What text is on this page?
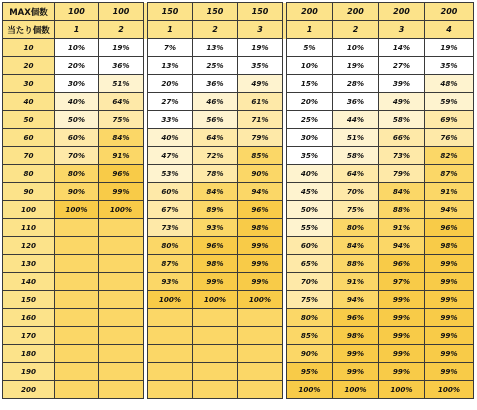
MAX個数	100	100		150	150	150		200	200	200	200
当たり個数	1	2		1	2	3		1	2	3	4
10	10%	19%		7%	13%	19%		5%	10%	14%	19%
20	20%	36%		13%	25%	35%		10%	19%	27%	35%
30	30%	51%		20%	36%	49%		15%	28%	39%	48%
40	40%	64%		27%	46%	61%		20%	36%	49%	59%
50	50%	75%		33%	56%	71%		25%	44%	58%	69%
60	60%	84%		40%	64%	79%		30%	51%	66%	76%
70	70%	91%		47%	72%	85%		35%	58%	73%	82%
80	80%	96%		53%	78%	90%		40%	64%	79%	87%
90	90%	99%		60%	84%	94%		45%	70%	84%	91%
100	100%	100%		67%	89%	96%		50%	75%	88%	94%
110				73%	93%	98%		55%	80%	91%	96%
120				80%	96%	99%		60%	84%	94%	98%
130				87%	98%	99%		65%	88%	96%	99%
140				93%	99%	99%		70%	91%	97%	99%
150				100%	100%	100%		75%	94%	99%	99%
160								80%	96%	99%	99%
170								85%	98%	99%	99%
180								90%	99%	99%	99%
190								95%	99%	99%	99%
200								100%	100%	100%	100%
